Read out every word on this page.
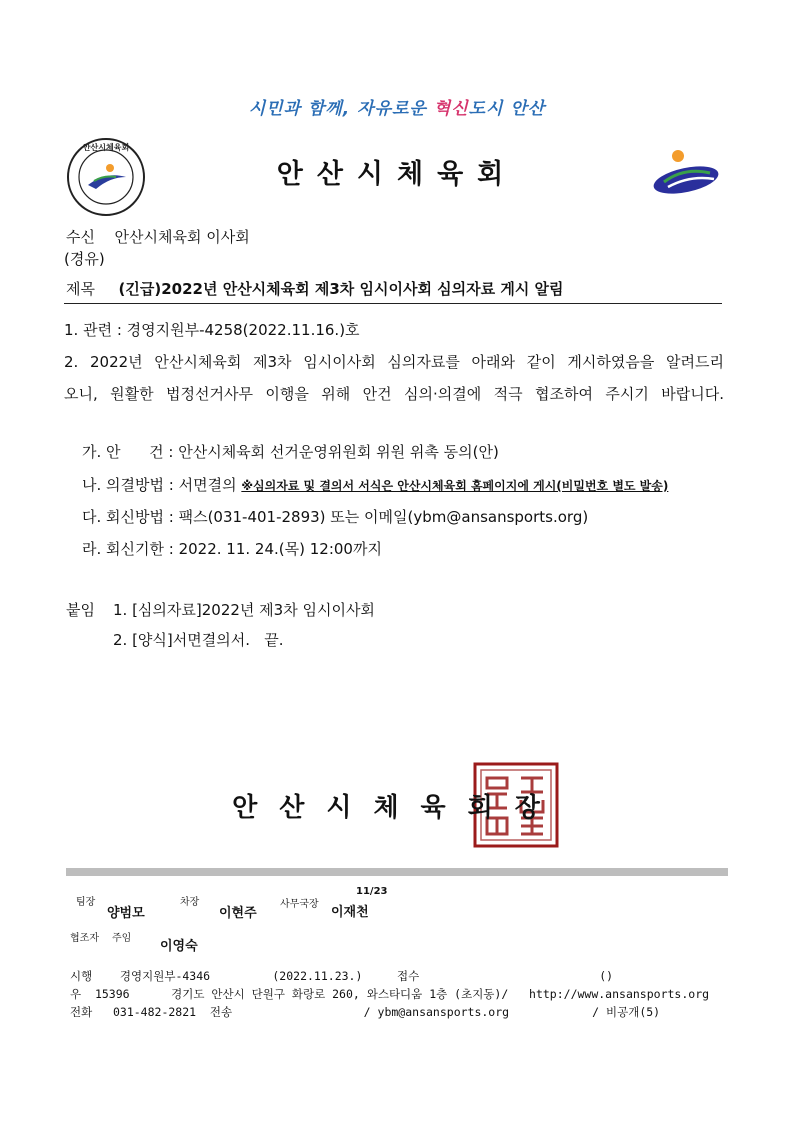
시민과 함께, 자유로운 혁신도시 안산
안산시체육회
안산시체육회
수신 안산시체육회 이사회
(경유)
제목 (긴급)2022년 안산시체육회 제3차 임시이사회 심의자료 게시 알림
1. 관련 : 경영지원부-4258(2022.11.16.)호
2. 2022년 안산시체육회 제3차 임시이사회 심의자료를 아래와 같이 게시하였음을 알려드리
오니, 원활한 법정선거사무 이행을 위해 안건 심의·의결에 적극 협조하여 주시기 바랍니다.
가. 안      건 : 안산시체육회 선거운영위원회 위원 위촉 동의(안)
나. 의결방법 : 서면결의 ※심의자료 및 결의서 서식은 안산시체육회 홈페이지에 게시(비밀번호 별도 발송)
다. 회신방법 : 팩스(031-401-2893) 또는 이메일(ybm@ansansports.org)
라. 회신기한 : 2022. 11. 24.(목) 12:00까지
붙임 1. [심의자료]2022년 제3차 임시이사회
2. [양식]서면결의서.   끝.
안산시체육회장
팀장
양범모
차장
이현주
사무국장
11/23
이재천
협조자 주임
이영숙
시행    경영지원부-4346         (2022.11.23.)     접수                          ()
우  15396      경기도 안산시 단원구 화랑로 260, 와스타디움 1층 (초지동)/   http://www.ansansports.org
전화   031-482-2821  전송                   / ybm@ansansports.org            / 비공개(5)
